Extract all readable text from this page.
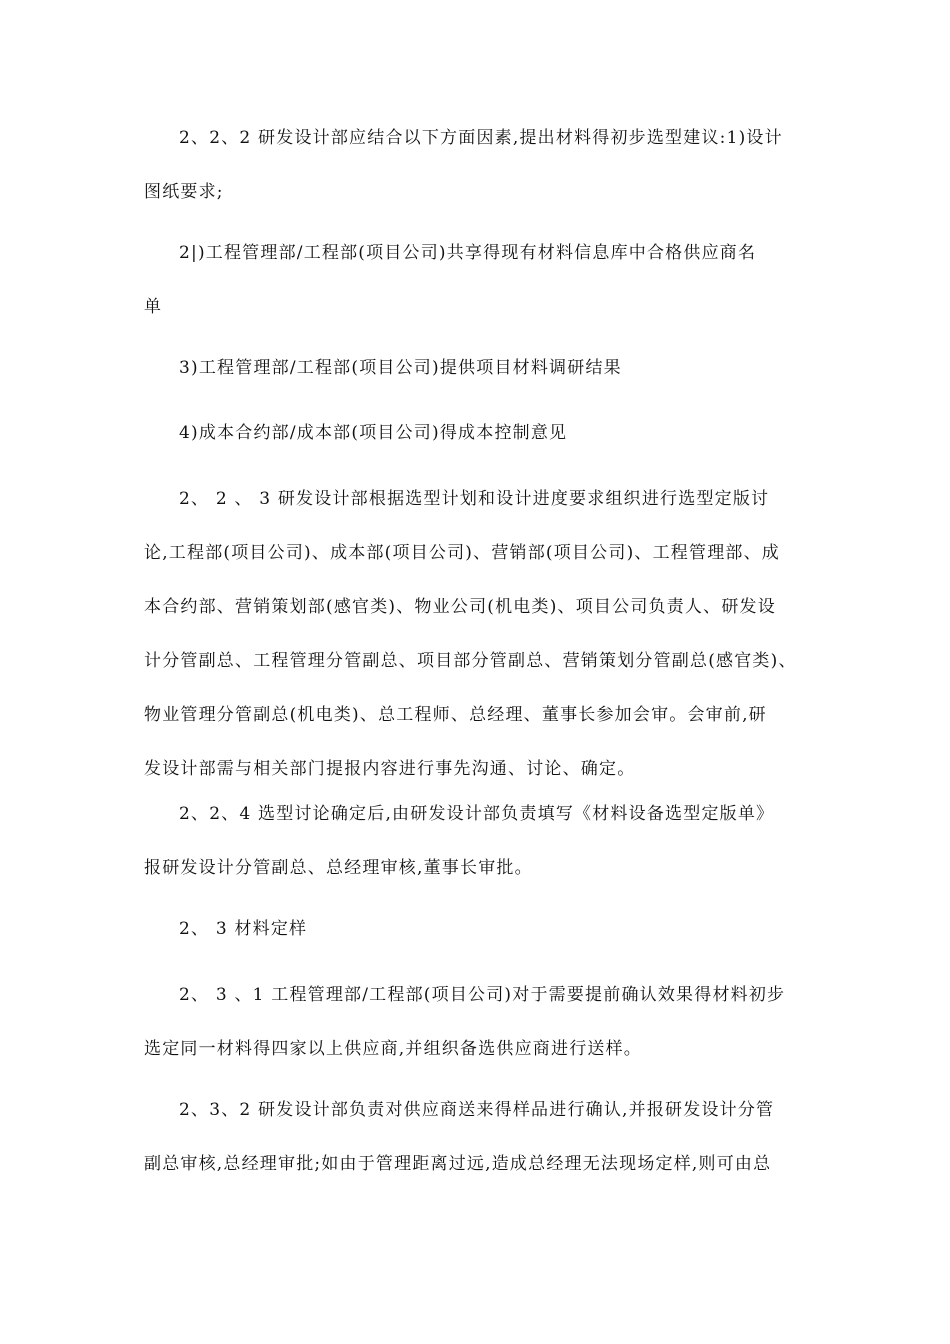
2、2、2 研发设计部应结合以下方面因素,提出材料得初步选型建议:1)设计
图纸要求;

2|)工程管理部/工程部(项目公司)共享得现有材料信息库中合格供应商名
单

3)工程管理部/工程部(项目公司)提供项目材料调研结果

4)成本合约部/成本部(项目公司)得成本控制意见

2、 2 、 3 研发设计部根据选型计划和设计进度要求组织进行选型定版讨
论,工程部(项目公司)、成本部(项目公司)、营销部(项目公司)、工程管理部、成
本合约部、营销策划部(感官类)、物业公司(机电类)、项目公司负责人、研发设
计分管副总、工程管理分管副总、项目部分管副总、营销策划分管副总(感官类)、
物业管理分管副总(机电类)、总工程师、总经理、董事长参加会审。会审前,研
发设计部需与相关部门提报内容进行事先沟通、讨论、确定。

2、2、4 选型讨论确定后,由研发设计部负责填写《材料设备选型定版单》
报研发设计分管副总、总经理审核,董事长审批。

2、 3 材料定样

2、 3 、1 工程管理部/工程部(项目公司)对于需要提前确认效果得材料初步
选定同一材料得四家以上供应商,并组织备选供应商进行送样。

2、3、2 研发设计部负责对供应商送来得样品进行确认,并报研发设计分管
副总审核,总经理审批;如由于管理距离过远,造成总经理无法现场定样,则可由总
